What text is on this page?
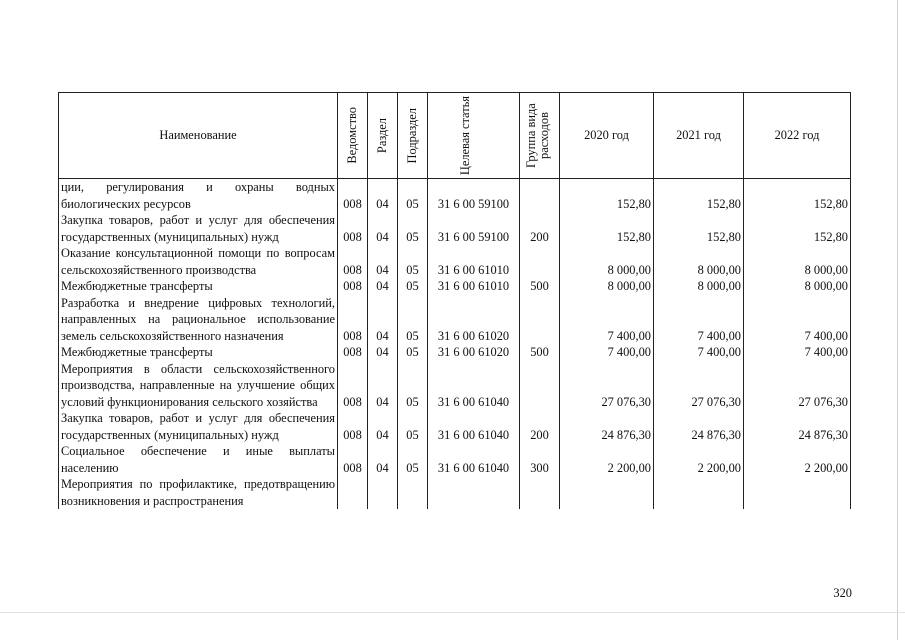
Наименование	Ведомство	Раздел	Подраздел	Целевая статья	Группа вида расходов	2020 год	2021 год	2022 год
ции, регулирования и охраны водных биологических ресурсов	008	04	05	31 6 00 59100		152,80	152,80	152,80
Закупка товаров, работ и услуг для обеспечения государственных (муниципальных) нужд	008	04	05	31 6 00 59100	200	152,80	152,80	152,80
Оказание консультационной помощи по вопросам сельскохозяйственного производства	008	04	05	31 6 00 61010		8 000,00	8 000,00	8 000,00
Межбюджетные трансферты	008	04	05	31 6 00 61010	500	8 000,00	8 000,00	8 000,00
Разработка и внедрение цифровых технологий, направленных на рациональное использование земель сельскохозяйственного назначения	008	04	05	31 6 00 61020		7 400,00	7 400,00	7 400,00
Межбюджетные трансферты	008	04	05	31 6 00 61020	500	7 400,00	7 400,00	7 400,00
Мероприятия в области сельскохозяйственного производства, направленные на улучшение общих условий функционирования сельского хозяйства	008	04	05	31 6 00 61040		27 076,30	27 076,30	27 076,30
Закупка товаров, работ и услуг для обеспечения государственных (муниципальных) нужд	008	04	05	31 6 00 61040	200	24 876,30	24 876,30	24 876,30
Социальное обеспечение и иные выплаты населению	008	04	05	31 6 00 61040	300	2 200,00	2 200,00	2 200,00
Мероприятия по профилактике, предотвращению возникновения и распространения								
320
